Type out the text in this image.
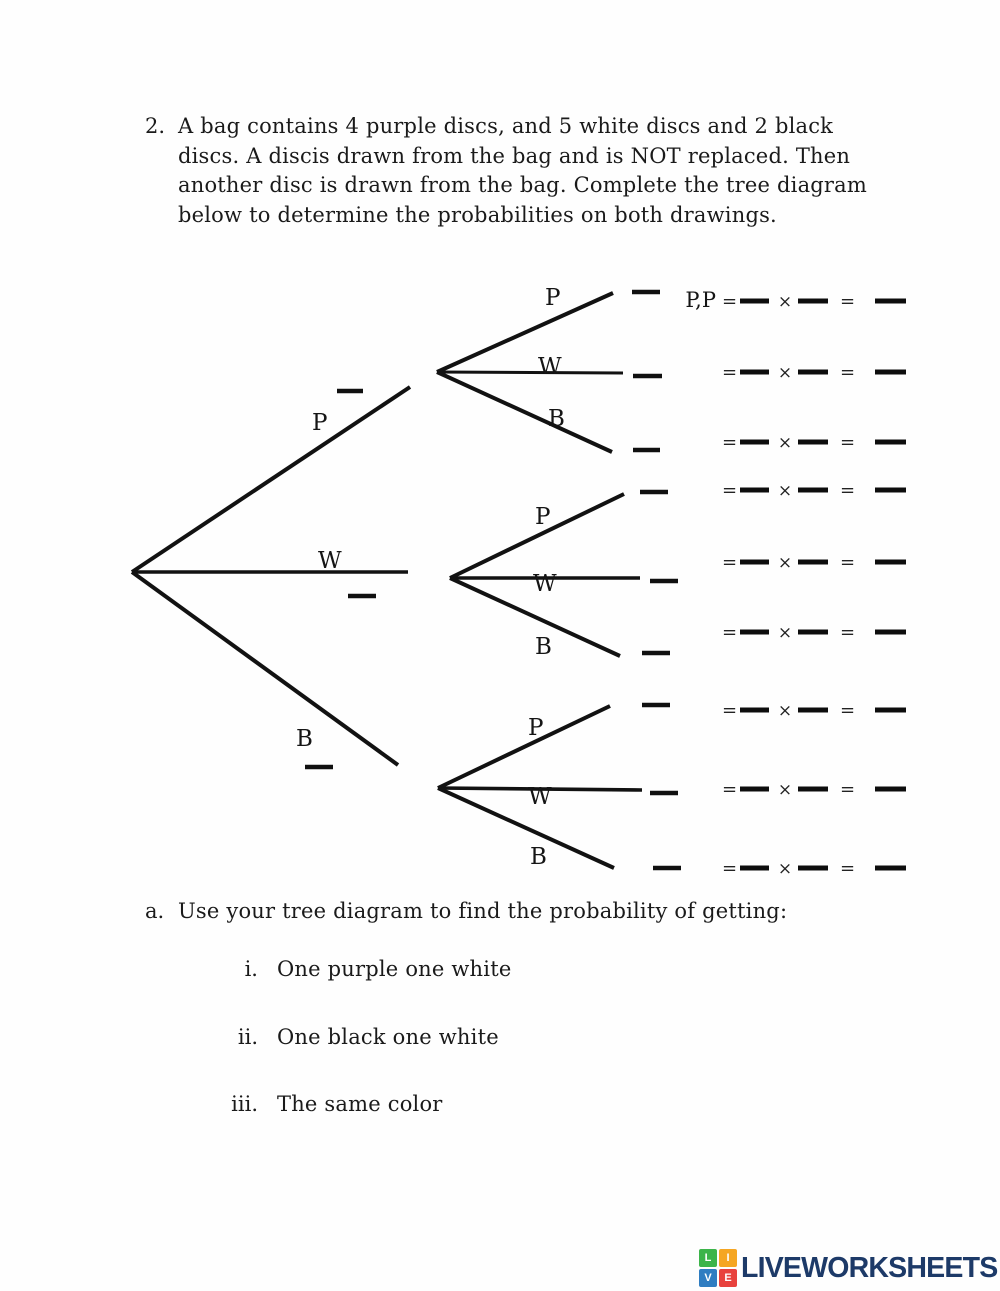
2. A bag contains 4 purple discs, and 5 white discs and 2 black
discs. A discis drawn from the bag and is NOT replaced. Then
another disc is drawn from the bag. Complete the tree diagram
below to determine the probabilities on both drawings.
P
W
B
P
W
B
P
W
B
P
W
B
P,P = ×	=
= ×	=
= ×	=
= ×	=
= ×	=
= ×	=
= ×	=
= ×	=
= ×	=
a. Use your tree diagram to find the probability of getting:
i. One purple one white
ii. One black one white
iii. The same color
L	I
V	E LIVEWORKSHEETS
